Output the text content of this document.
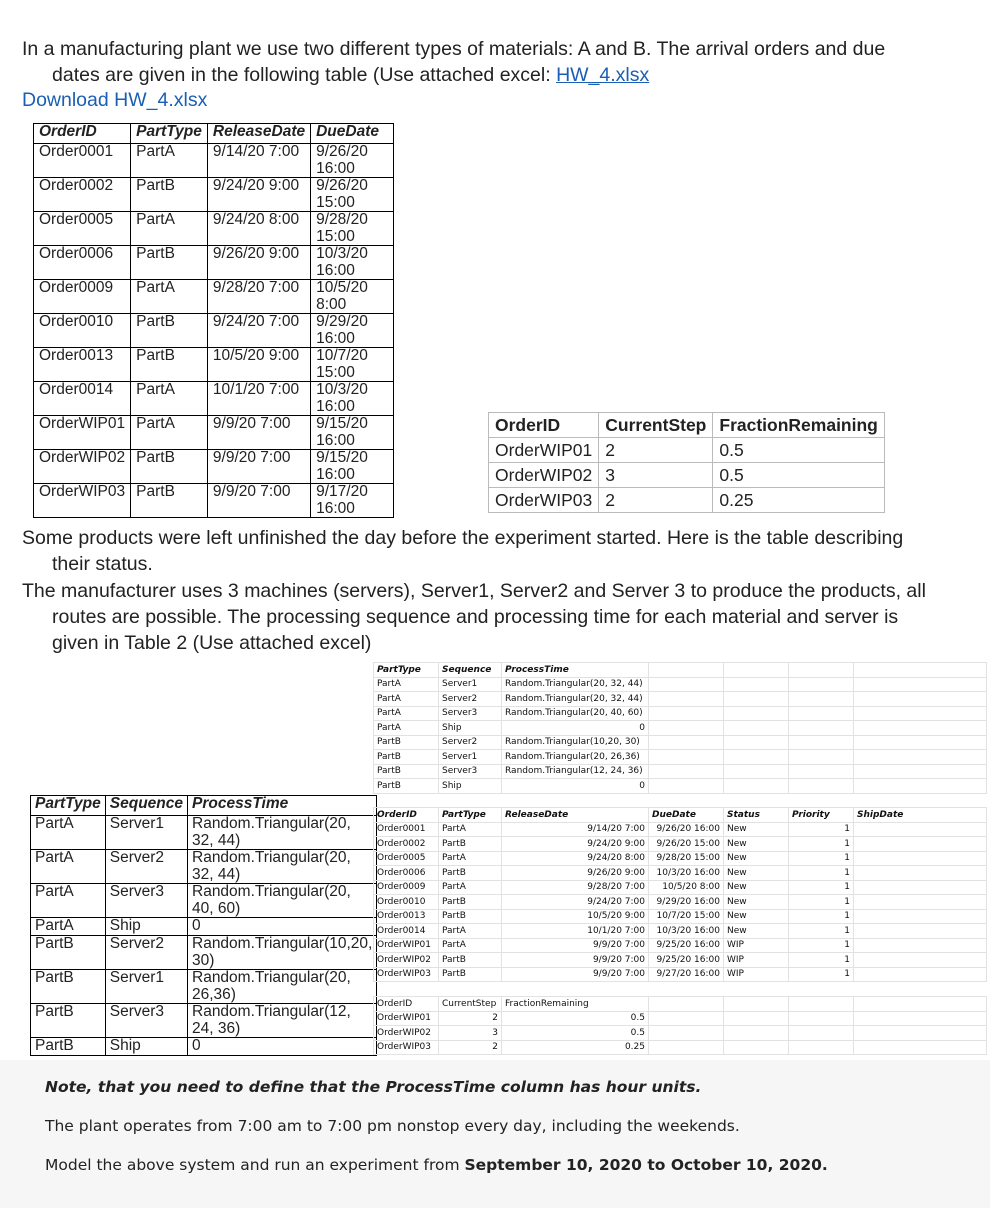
In a manufacturing plant we use two different types of materials: A and B. The arrival orders and due
dates are given in the following table (Use attached excel: HW_4.xlsx
Download HW_4.xlsx
OrderID	PartType	ReleaseDate	DueDate
Order0001	PartA	9/14/20 7:00	9/26/20 16:00
Order0002	PartB	9/24/20 9:00	9/26/20 15:00
Order0005	PartA	9/24/20 8:00	9/28/20 15:00
Order0006	PartB	9/26/20 9:00	10/3/20 16:00
Order0009	PartA	9/28/20 7:00	10/5/20 8:00
Order0010	PartB	9/24/20 7:00	9/29/20 16:00
Order0013	PartB	10/5/20 9:00	10/7/20 15:00
Order0014	PartA	10/1/20 7:00	10/3/20 16:00
OrderWIP01	PartA	9/9/20 7:00	9/15/20 16:00
OrderWIP02	PartB	9/9/20 7:00	9/15/20 16:00
OrderWIP03	PartB	9/9/20 7:00	9/17/20 16:00
OrderID	CurrentStep	FractionRemaining
OrderWIP01	2	0.5
OrderWIP02	3	0.5
OrderWIP03	2	0.25
Some products were left unfinished the day before the experiment started. Here is the table describing
their status.
The manufacturer uses 3 machines (servers), Server1, Server2 and Server 3 to produce the products, all
routes are possible. The processing sequence and processing time for each material and server is
given in Table 2 (Use attached excel)
PartType	Sequence	ProcessTime
PartA	Server1	Random.Triangular(20, 32, 44)
PartA	Server2	Random.Triangular(20, 32, 44)
PartA	Server3	Random.Triangular(20, 40, 60)
PartA	Ship	0
PartB	Server2	Random.Triangular(10,20, 30)
PartB	Server1	Random.Triangular(20, 26,36)
PartB	Server3	Random.Triangular(12, 24, 36)
PartB	Ship	0
PartType	Sequence	ProcessTime				
PartA	Server1	Random.Triangular(20, 32, 44)				
PartA	Server2	Random.Triangular(20, 32, 44)				
PartA	Server3	Random.Triangular(20, 40, 60)				
PartA	Ship	0				
PartB	Server2	Random.Triangular(10,20, 30)				
PartB	Server1	Random.Triangular(20, 26,36)				
PartB	Server3	Random.Triangular(12, 24, 36)				
PartB	Ship	0				
OrderID	PartType	ReleaseDate	DueDate	Status	Priority	ShipDate
Order0001	PartA	9/14/20 7:00	9/26/20 16:00	New	1	
Order0002	PartB	9/24/20 9:00	9/26/20 15:00	New	1	
Order0005	PartA	9/24/20 8:00	9/28/20 15:00	New	1	
Order0006	PartB	9/26/20 9:00	10/3/20 16:00	New	1	
Order0009	PartA	9/28/20 7:00	10/5/20 8:00	New	1	
Order0010	PartB	9/24/20 7:00	9/29/20 16:00	New	1	
Order0013	PartB	10/5/20 9:00	10/7/20 15:00	New	1	
Order0014	PartA	10/1/20 7:00	10/3/20 16:00	New	1	
OrderWIP01	PartA	9/9/20 7:00	9/25/20 16:00	WIP	1	
OrderWIP02	PartB	9/9/20 7:00	9/25/20 16:00	WIP	1	
OrderWIP03	PartB	9/9/20 7:00	9/27/20 16:00	WIP	1	
OrderID	CurrentStep	FractionRemaining				
OrderWIP01	2	0.5				
OrderWIP02	3	0.5				
OrderWIP03	2	0.25				
Note, that you need to define that the ProcessTime column has hour units.
The plant operates from 7:00 am to 7:00 pm nonstop every day, including the weekends.
Model the above system and run an experiment from September 10, 2020 to October 10, 2020.
